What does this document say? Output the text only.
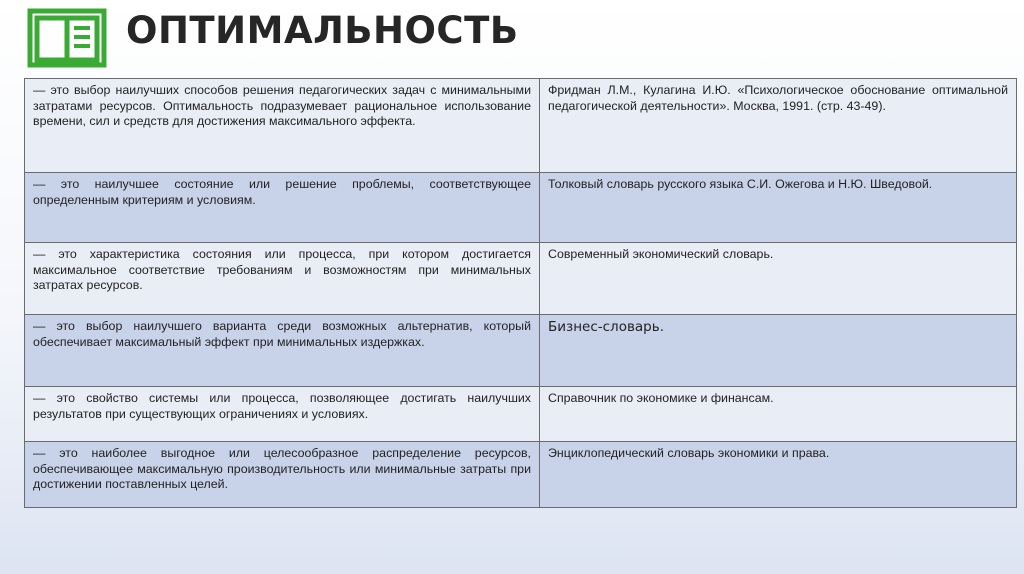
ОПТИМАЛЬНОСТЬ
— это выбор наилучших способов решения педагогических задач с минимальными затратами ресурсов. Оптимальность подразумевает рациональное использование времени, сил и средств для достижения максимального эффекта.	Фридман Л.М., Кулагина И.Ю. «Психологическое обоснование оптимальной педагогической деятельности». Москва, 1991. (стр. 43-49).
— это наилучшее состояние или решение проблемы, соответствующее определенным критериям и условиям.	Толковый словарь русского языка С.И. Ожегова и Н.Ю. Шведовой.
— это характеристика состояния или процесса, при котором достигается максимальное соответствие требованиям и возможностям при минимальных затратах ресурсов.	Современный экономический словарь.
— это выбор наилучшего варианта среди возможных альтернатив, который обеспечивает максимальный эффект при минимальных издержках.	Бизнес-словарь.
— это свойство системы или процесса, позволяющее достигать наилучших результатов при существующих ограничениях и условиях.	Справочник по экономике и финансам.
— это наиболее выгодное или целесообразное распределение ресурсов, обеспечивающее максимальную производительность или минимальные затраты при достижении поставленных целей.	Энциклопедический словарь экономики и права.
